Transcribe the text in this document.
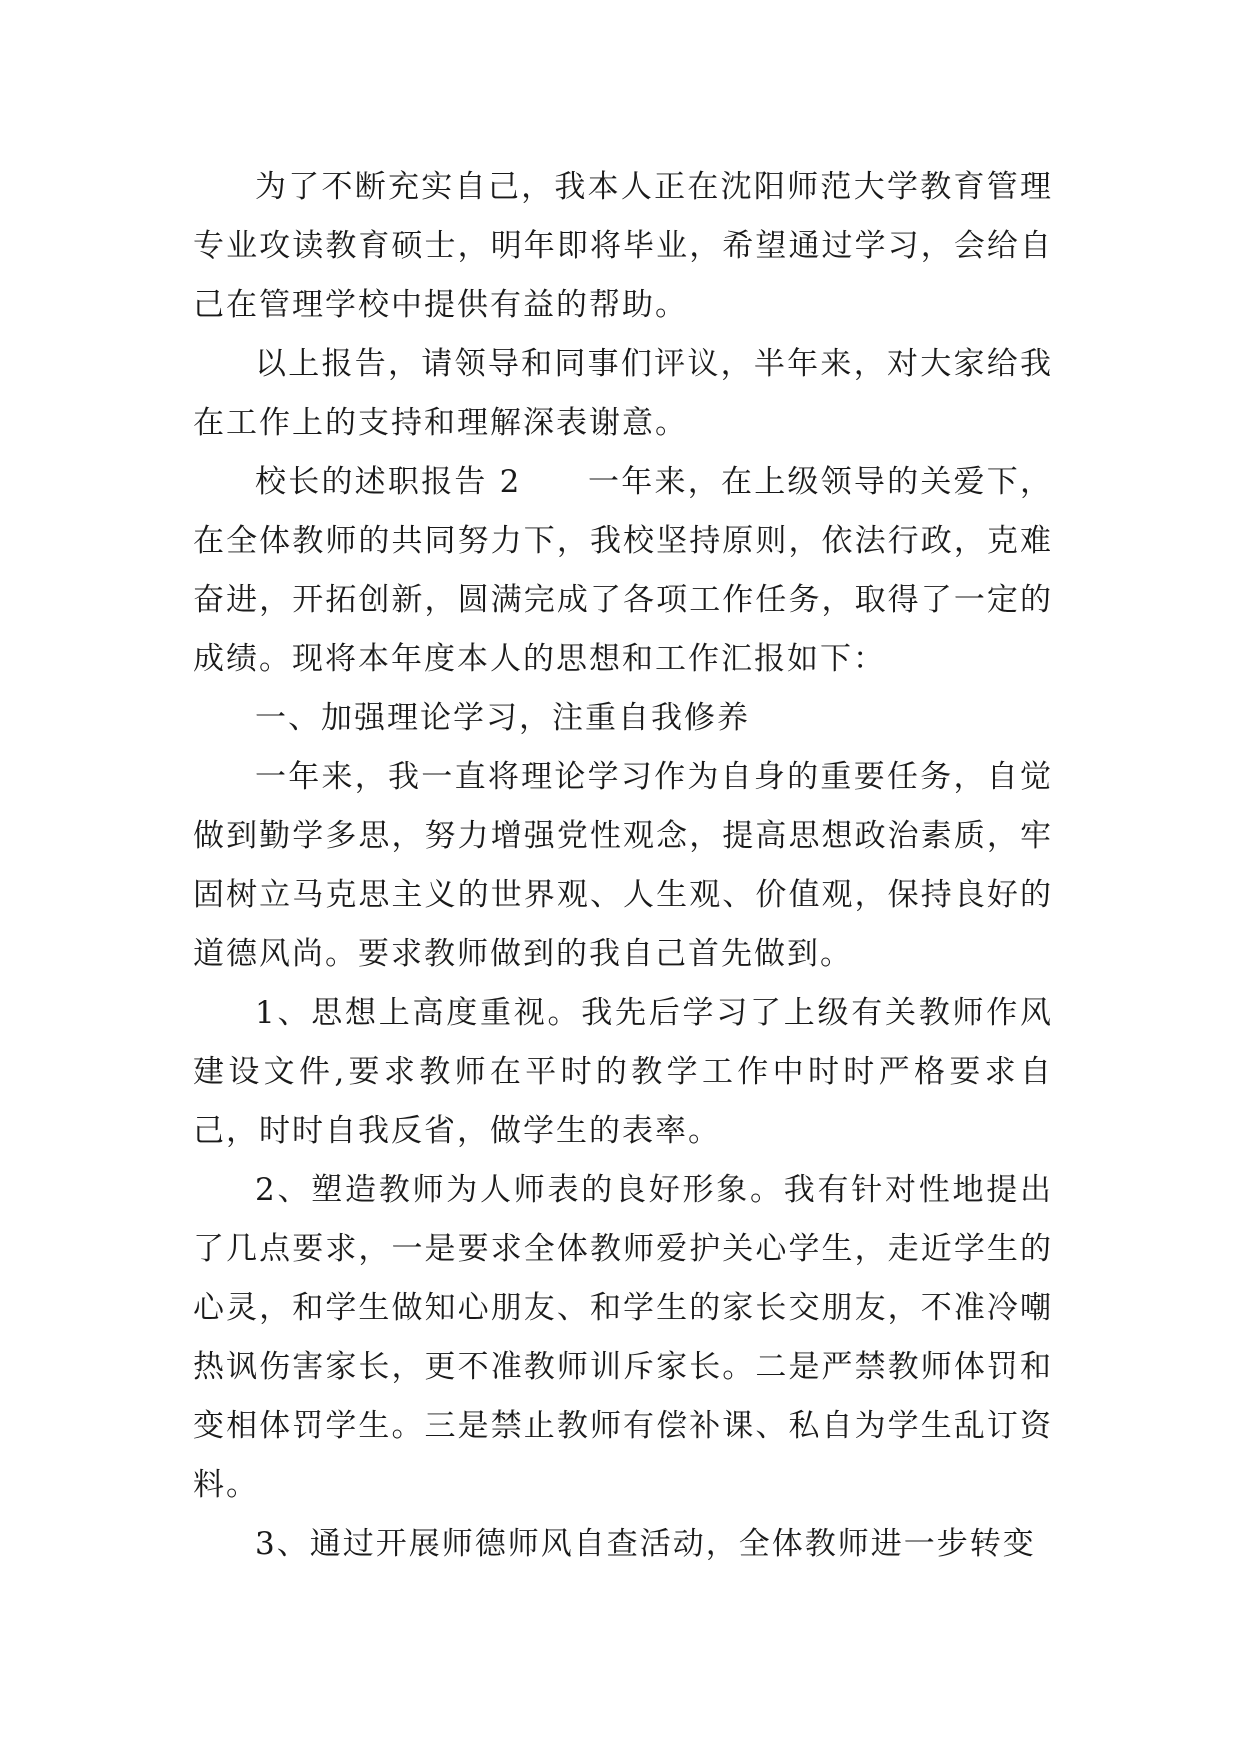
为了不断充实自己，我本人正在沈阳师范大学教育管理专业攻读教育硕士，明年即将毕业，希望通过学习，会给自己在管理学校中提供有益的帮助。

以上报告，请领导和同事们评议，半年来，对大家给我在工作上的支持和理解深表谢意。

校长的述职报告 2　　一年来，在上级领导的关爱下，在全体教师的共同努力下，我校坚持原则，依法行政，克难奋进，开拓创新，圆满完成了各项工作任务，取得了一定的成绩。现将本年度本人的思想和工作汇报如下：

一、加强理论学习，注重自我修养

一年来，我一直将理论学习作为自身的重要任务，自觉做到勤学多思，努力增强党性观念，提高思想政治素质，牢固树立马克思主义的世界观、人生观、价值观，保持良好的道德风尚。要求教师做到的我自己首先做到。

1、思想上高度重视。我先后学习了上级有关教师作风建设文件,要求教师在平时的教学工作中时时严格要求自己，时时自我反省，做学生的表率。

2、塑造教师为人师表的良好形象。我有针对性地提出了几点要求，一是要求全体教师爱护关心学生，走近学生的心灵，和学生做知心朋友、和学生的家长交朋友，不准冷嘲热讽伤害家长，更不准教师训斥家长。二是严禁教师体罚和变相体罚学生。三是禁止教师有偿补课、私自为学生乱订资料。

3、通过开展师德师风自查活动，全体教师进一步转变
